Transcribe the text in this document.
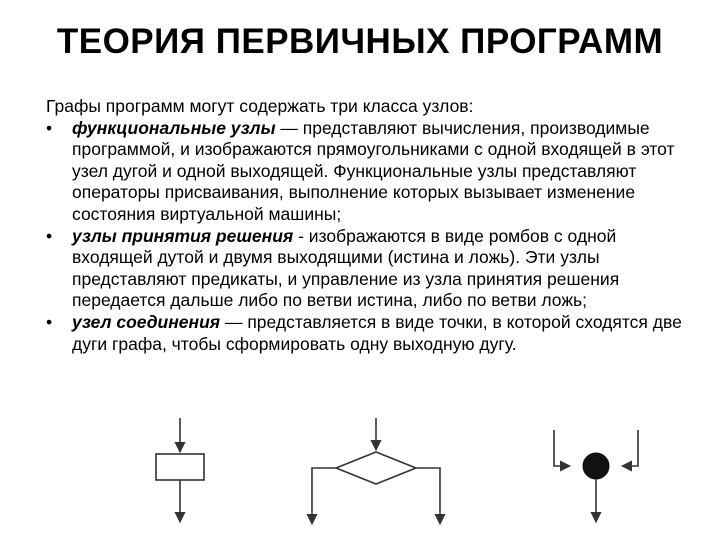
ТЕОРИЯ ПЕРВИЧНЫХ ПРОГРАММ

Графы программ могут содержать три класса узлов:

• функциональные узлы — представляют вычисления, производимые программой, и изображаются прямоугольниками с одной входящей в этот узел дугой и одной выходящей. Функциональные узлы представляют операторы присваивания, выполнение которых вызывает изменение состояния виртуальной машины;
• узлы принятия решения - изображаются в виде ромбов с одной входящей дутой и двумя выходящими (истина и ложь). Эти узлы представляют предикаты, и управление из узла принятия решения передается дальше либо по ветви истина, либо по ветви ложь;
• узел соединения — представляется в виде точки, в которой сходятся две дуги графа, чтобы сформировать одну выходную дугу.
